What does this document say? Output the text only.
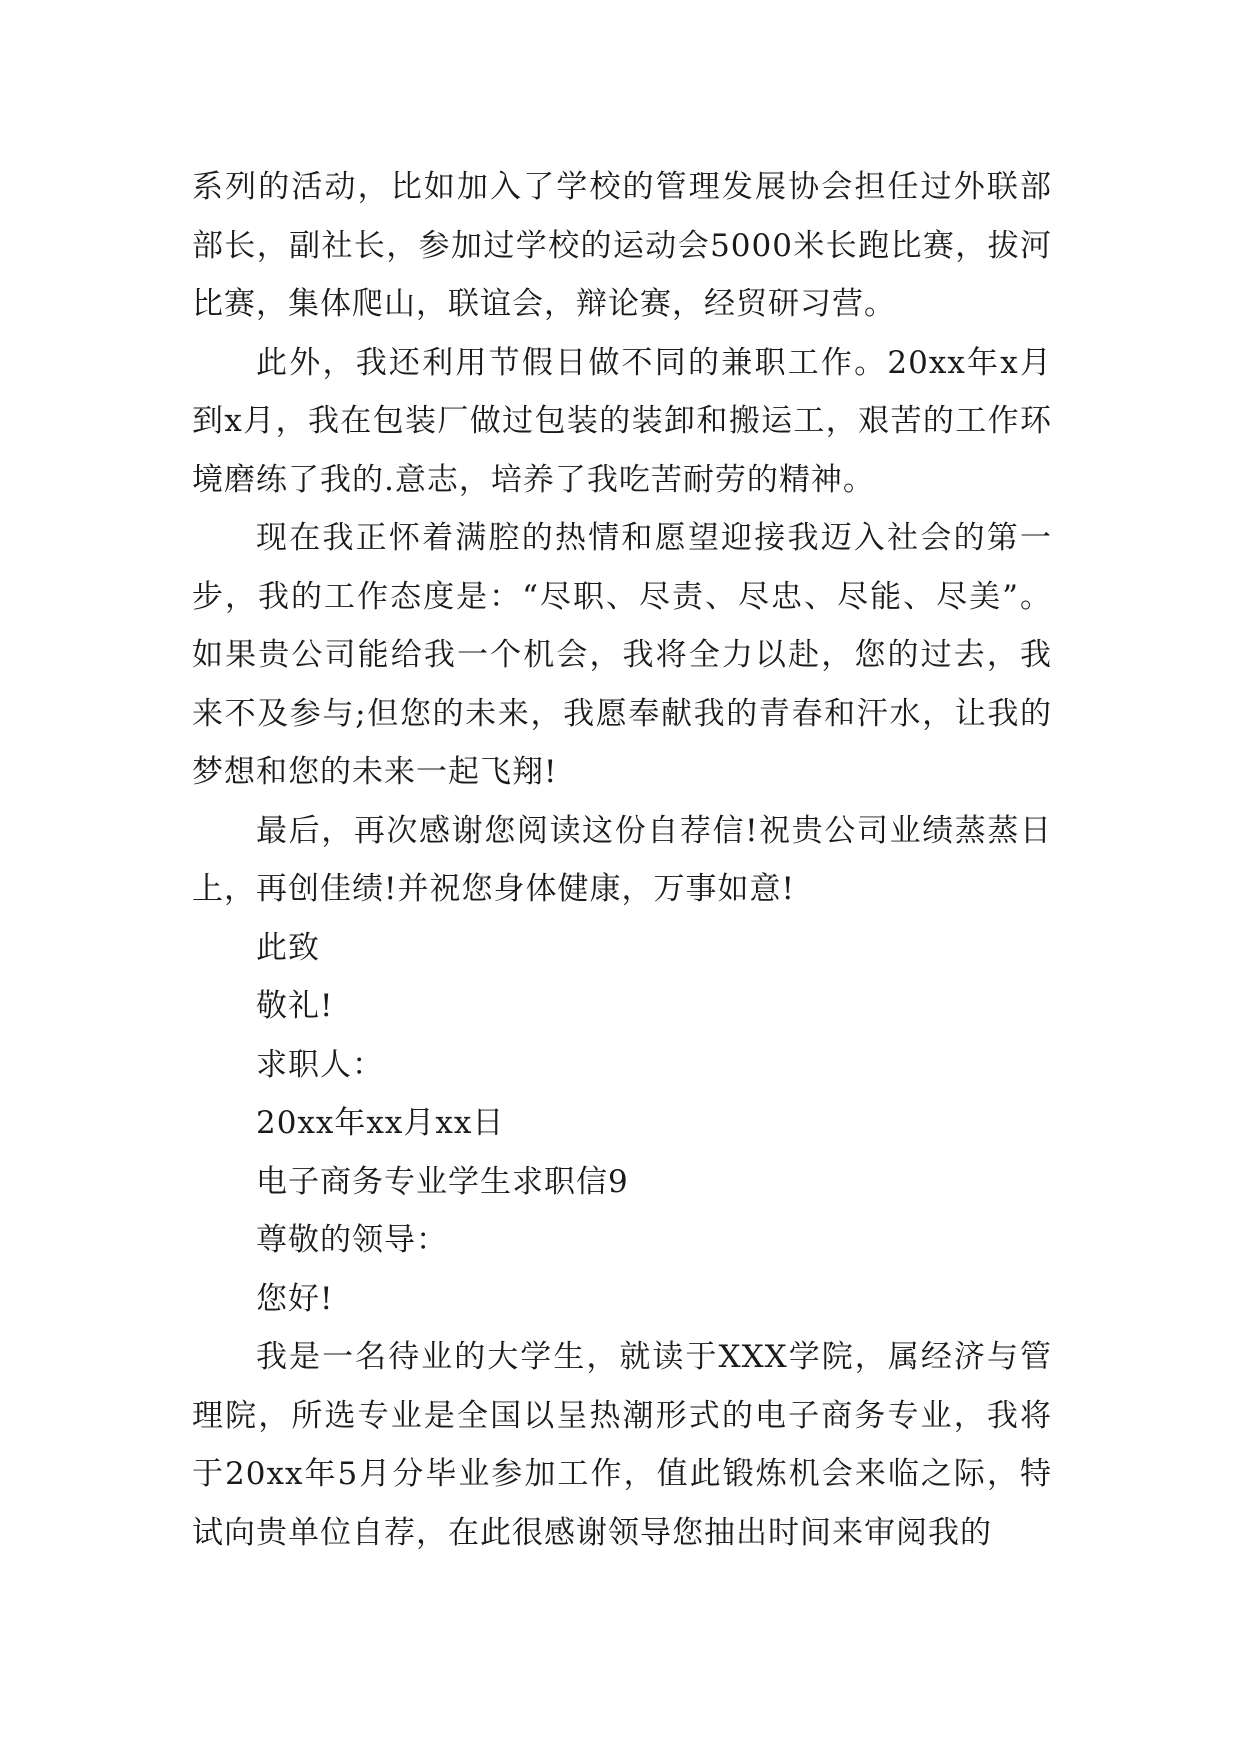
系列的活动，比如加入了学校的管理发展协会担任过外联部部长，副社长，参加过学校的运动会5000米长跑比赛，拔河比赛，集体爬山，联谊会，辩论赛，经贸研习营。

此外，我还利用节假日做不同的兼职工作。20xx年x月到x月，我在包装厂做过包装的装卸和搬运工，艰苦的工作环境磨练了我的.意志，培养了我吃苦耐劳的精神。

现在我正怀着满腔的热情和愿望迎接我迈入社会的第一步，我的工作态度是：“尽职、尽责、尽忠、尽能、尽美”。如果贵公司能给我一个机会，我将全力以赴，您的过去，我来不及参与;但您的未来，我愿奉献我的青春和汗水，让我的梦想和您的未来一起飞翔!

最后，再次感谢您阅读这份自荐信!祝贵公司业绩蒸蒸日上，再创佳绩!并祝您身体健康，万事如意!

此致

敬礼!

求职人：

20xx年xx月xx日

电子商务专业学生求职信9

尊敬的领导：

您好!

我是一名待业的大学生，就读于XXX学院，属经济与管理院，所选专业是全国以呈热潮形式的电子商务专业，我将于20xx年5月分毕业参加工作，值此锻炼机会来临之际，特试向贵单位自荐，在此很感谢领导您抽出时间来审阅我的
